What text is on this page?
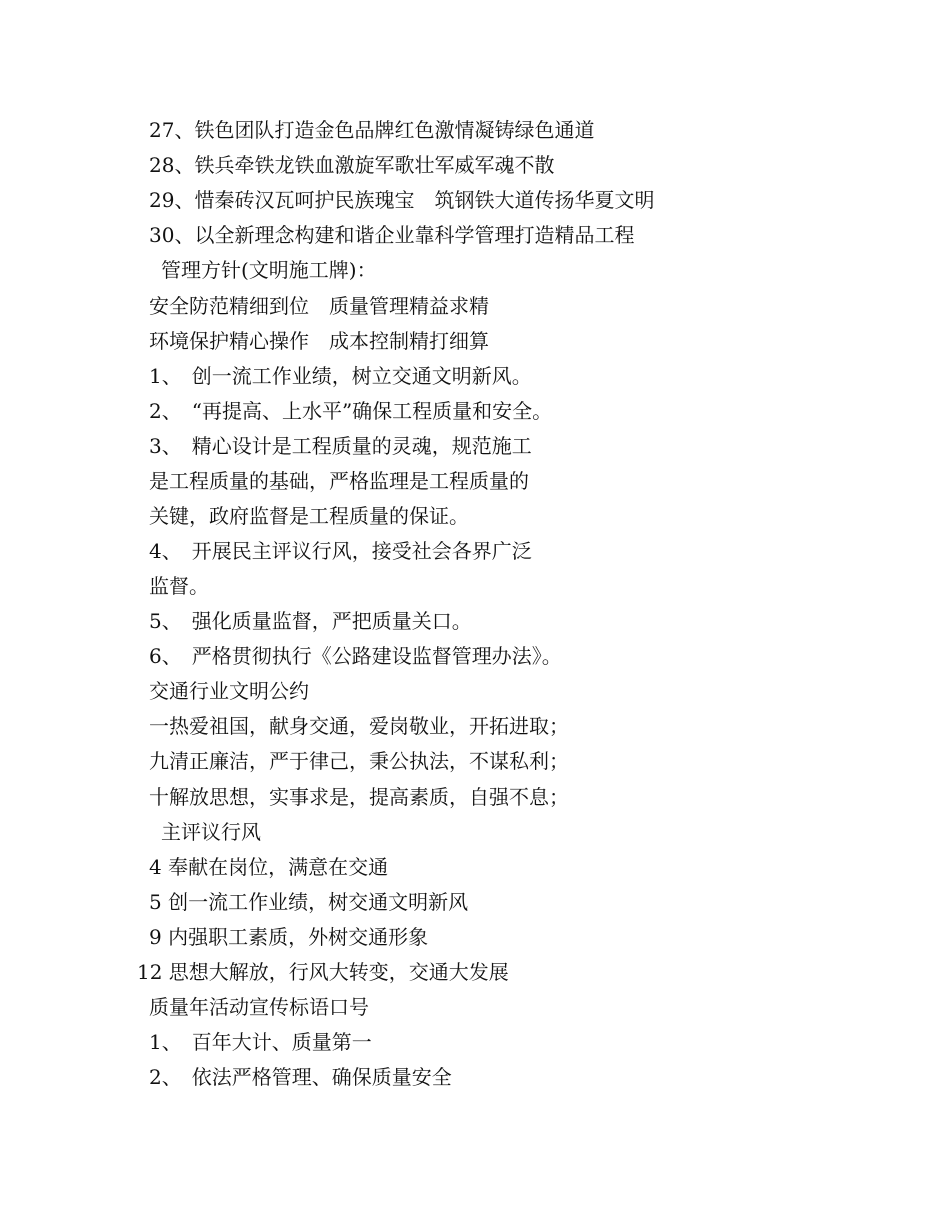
27、铁色团队打造金色品牌红色激情凝铸绿色通道
28、铁兵牵铁龙铁血激旋军歌壮军威军魂不散
29、惜秦砖汉瓦呵护民族瑰宝　筑钢铁大道传扬华夏文明
30、以全新理念构建和谐企业靠科学管理打造精品工程
管理方针(文明施工牌)：
安全防范精细到位　质量管理精益求精
环境保护精心操作　成本控制精打细算
1、　创一流工作业绩，树立交通文明新风。
2、　“再提高、上水平”确保工程质量和安全。
3、　精心设计是工程质量的灵魂，规范施工
是工程质量的基础，严格监理是工程质量的
关键，政府监督是工程质量的保证。
4、　开展民主评议行风，接受社会各界广泛
监督。
5、　强化质量监督，严把质量关口。
6、　严格贯彻执行《公路建设监督管理办法》。
交通行业文明公约
一热爱祖国，献身交通，爱岗敬业，开拓进取；
九清正廉洁，严于律己，秉公执法，不谋私利；
十解放思想，实事求是，提高素质，自强不息；
主评议行风
4 奉献在岗位，满意在交通
5 创一流工作业绩，树交通文明新风
9 内强职工素质，外树交通形象
12 思想大解放，行风大转变，交通大发展
质量年活动宣传标语口号
1、　百年大计、质量第一
2、　依法严格管理、确保质量安全
